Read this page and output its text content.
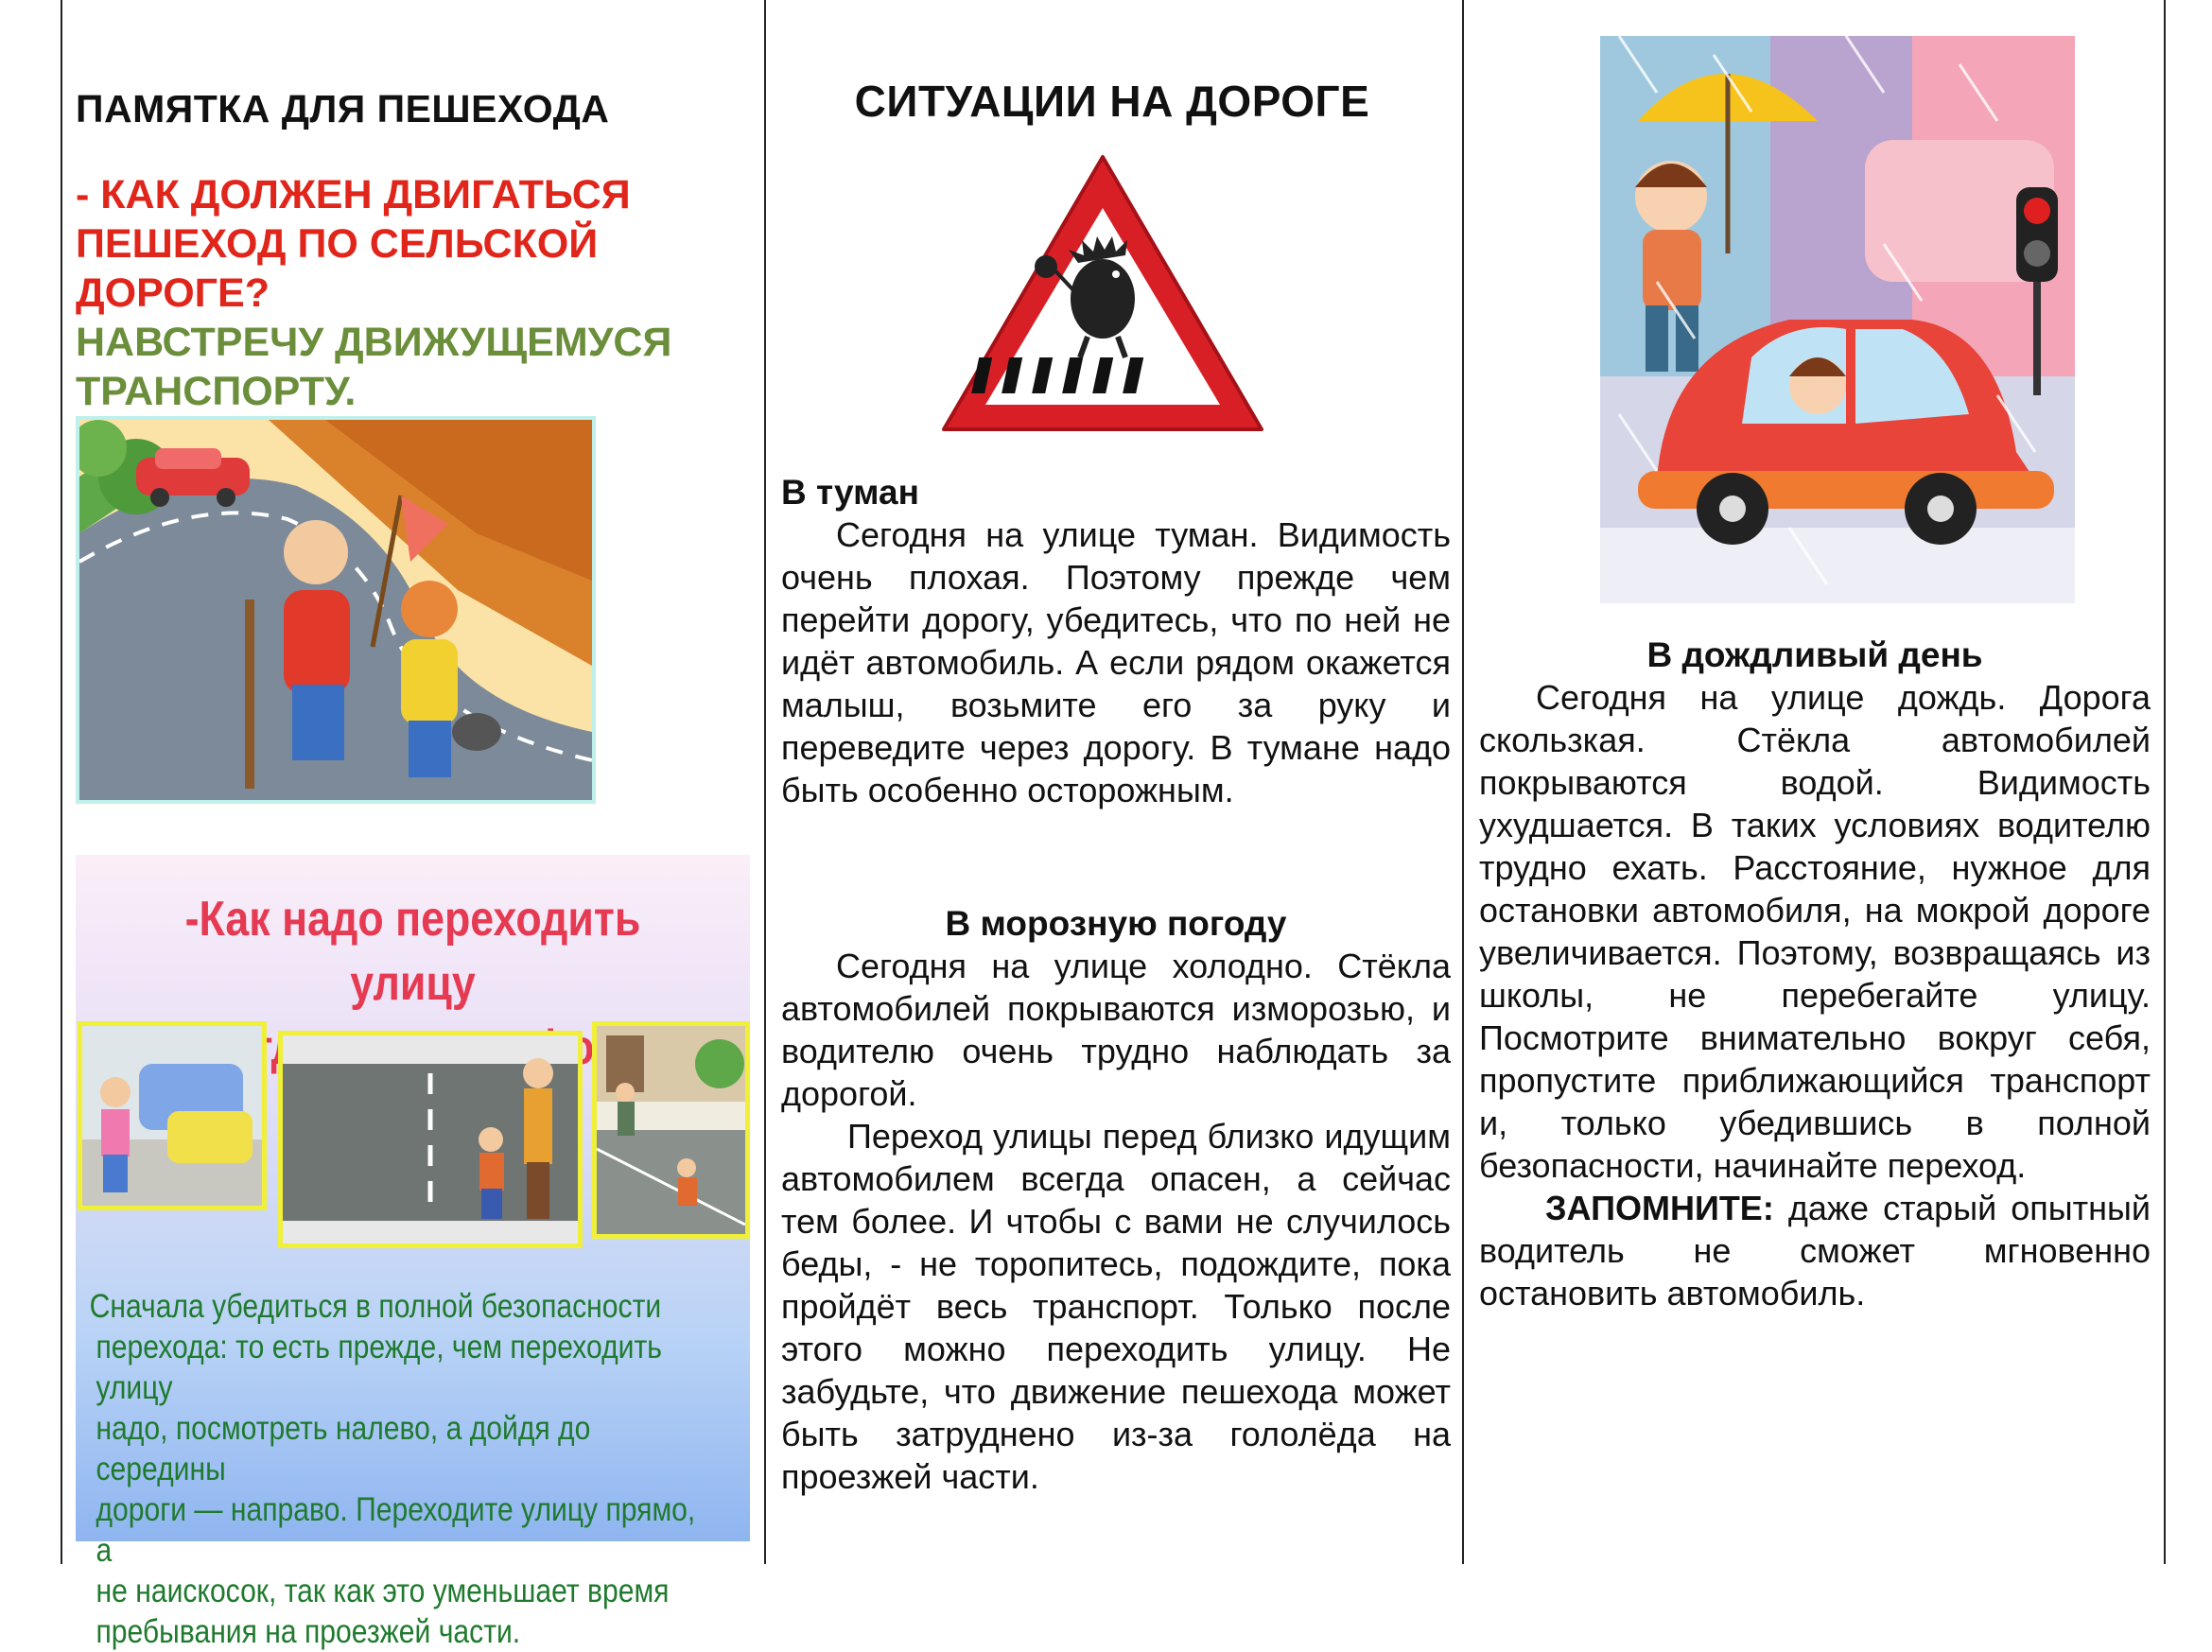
ПАМЯТКА ДЛЯ ПЕШЕХОДА
- КАК ДОЛЖЕН ДВИГАТЬСЯ
ПЕШЕХОД ПО СЕЛЬСКОЙ
ДОРОГЕ?
НАВСТРЕЧУ ДВИЖУЩЕМУСЯ
ТРАНСПОРТУ.
-Как надо переходить улицу
Сначала убедиться в полной безопасности
перехода: то есть прежде, чем переходить улицу
надо, посмотреть налево, а дойдя до середины
дороги — направо. Переходите улицу прямо, а
не наискосок, так как это уменьшает время
пребывания на проезжей части.
СИТУАЦИИ НА ДОРОГЕ
В туман

Сегодня на улице туман. Видимость очень плохая. Поэтому прежде чем перейти дорогу, убедитесь, что по ней не идёт автомобиль. А если рядом окажется малыш, возьмите его за руку и переведите через дорогу. В тумане надо быть особенно осторожным.

В морозную погоду

Сегодня на улице холодно. Стёкла автомобилей покрываются изморозью, и водителю очень трудно наблюдать за дорогой.

Переход улицы перед близко идущим автомобилем всегда опасен, а сейчас тем более. И чтобы с вами не случилось беды, - не торопитесь, подождите, пока пройдёт весь транспорт. Только после этого можно переходить улицу. Не забудьте, что движение пешехода может быть затруднено из-за гололёда на проезжей части.

В дождливый день

Сегодня на улице дождь. Дорога скользкая. Стёкла автомобилей покрываются водой. Видимость ухудшается. В таких условиях водителю трудно ехать. Расстояние, нужное для остановки автомобиля, на мокрой дороге увеличивается. Поэтому, возвращаясь из школы, не перебегайте улицу. Посмотрите внимательно вокруг себя, пропустите приближающийся транспорт и, только убедившись в полной безопасности, начинайте переход.

ЗАПОМНИТЕ: даже старый опытный водитель не сможет мгновенно остановить автомобиль.
